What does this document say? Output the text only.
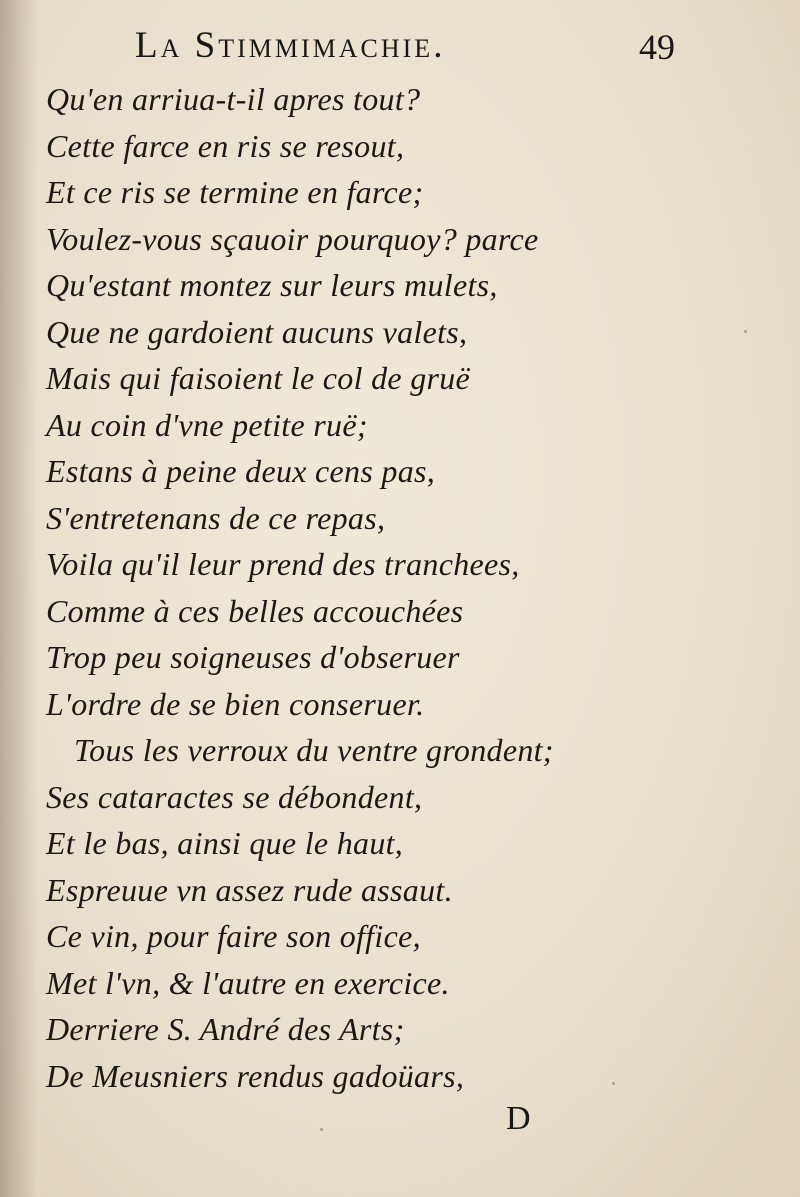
La Stimmimachie.	49
Qu'en arriua-t-il apres tout?
Cette farce en ris se resout,
Et ce ris se termine en farce;
Voulez-vous sçauoir pourquoy? parce
Qu'estant montez sur leurs mulets,
Que ne gardoient aucuns valets,
Mais qui faisoient le col de gruë
Au coin d'vne petite ruë;
Estans à peine deux cens pas,
S'entretenans de ce repas,
Voila qu'il leur prend des tranchees,
Comme à ces belles accouchées
Trop peu soigneuses d'obseruer
L'ordre de se bien conseruer.
Tous les verroux du ventre grondent;
Ses cataractes se débondent,
Et le bas, ainsi que le haut,
Espreuue vn assez rude assaut.
Ce vin, pour faire son office,
Met l'vn, & l'autre en exercice.
Derriere S. André des Arts;
De Meusniers rendus gadoüars,
D
